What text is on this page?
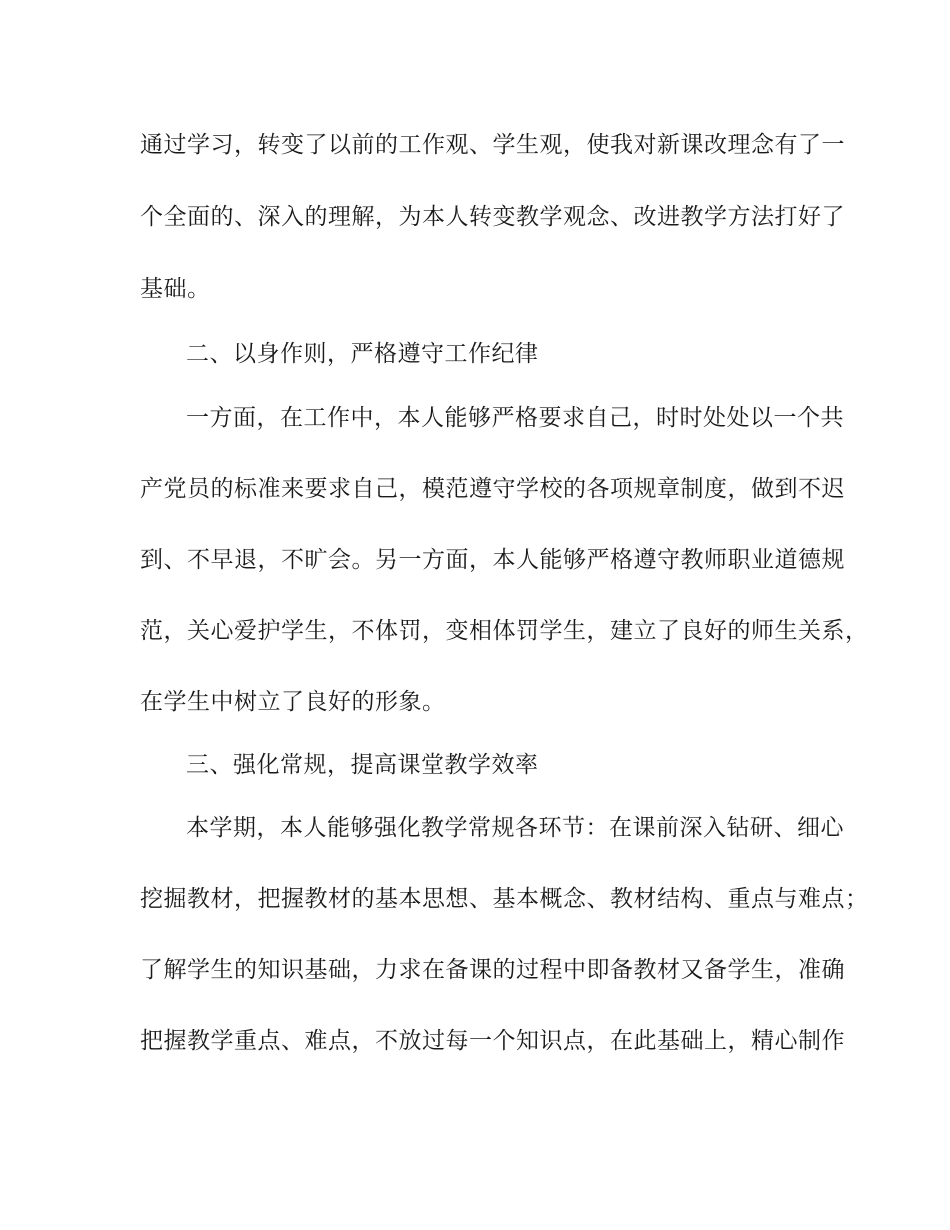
通过学习，转变了以前的工作观、学生观，使我对新课改理念有了一
个全面的、深入的理解，为本人转变教学观念、改进教学方法打好了
基础。
二、以身作则，严格遵守工作纪律
一方面，在工作中，本人能够严格要求自己，时时处处以一个共
产党员的标准来要求自己，模范遵守学校的各项规章制度，做到不迟
到、不早退，不旷会。另一方面，本人能够严格遵守教师职业道德规
范，关心爱护学生，不体罚，变相体罚学生，建立了良好的师生关系，
在学生中树立了良好的形象。
三、强化常规，提高课堂教学效率
本学期，本人能够强化教学常规各环节：在课前深入钻研、细心
挖掘教材，把握教材的基本思想、基本概念、教材结构、重点与难点；
了解学生的知识基础，力求在备课的过程中即备教材又备学生，准确
把握教学重点、难点，不放过每一个知识点，在此基础上，精心制作
